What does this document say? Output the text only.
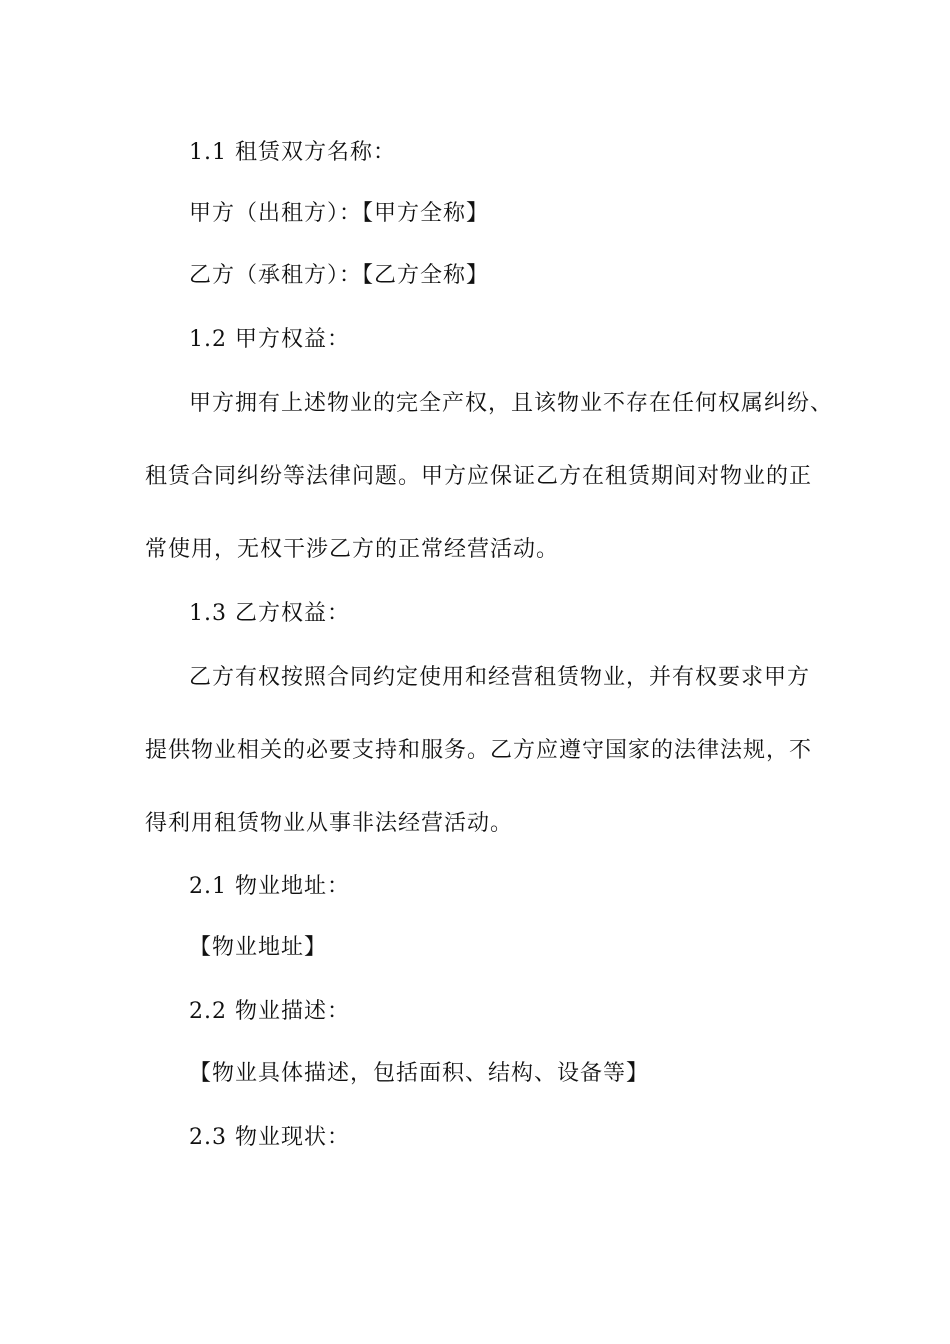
1.1 租赁双方名称：
甲方（出租方）：【甲方全称】
乙方（承租方）：【乙方全称】
1.2 甲方权益：
甲方拥有上述物业的完全产权，且该物业不存在任何权属纠纷、
租赁合同纠纷等法律问题。甲方应保证乙方在租赁期间对物业的正
常使用，无权干涉乙方的正常经营活动。
1.3 乙方权益：
乙方有权按照合同约定使用和经营租赁物业，并有权要求甲方
提供物业相关的必要支持和服务。乙方应遵守国家的法律法规，不
得利用租赁物业从事非法经营活动。
2.1 物业地址：
【物业地址】
2.2 物业描述：
【物业具体描述，包括面积、结构、设备等】
2.3 物业现状：
